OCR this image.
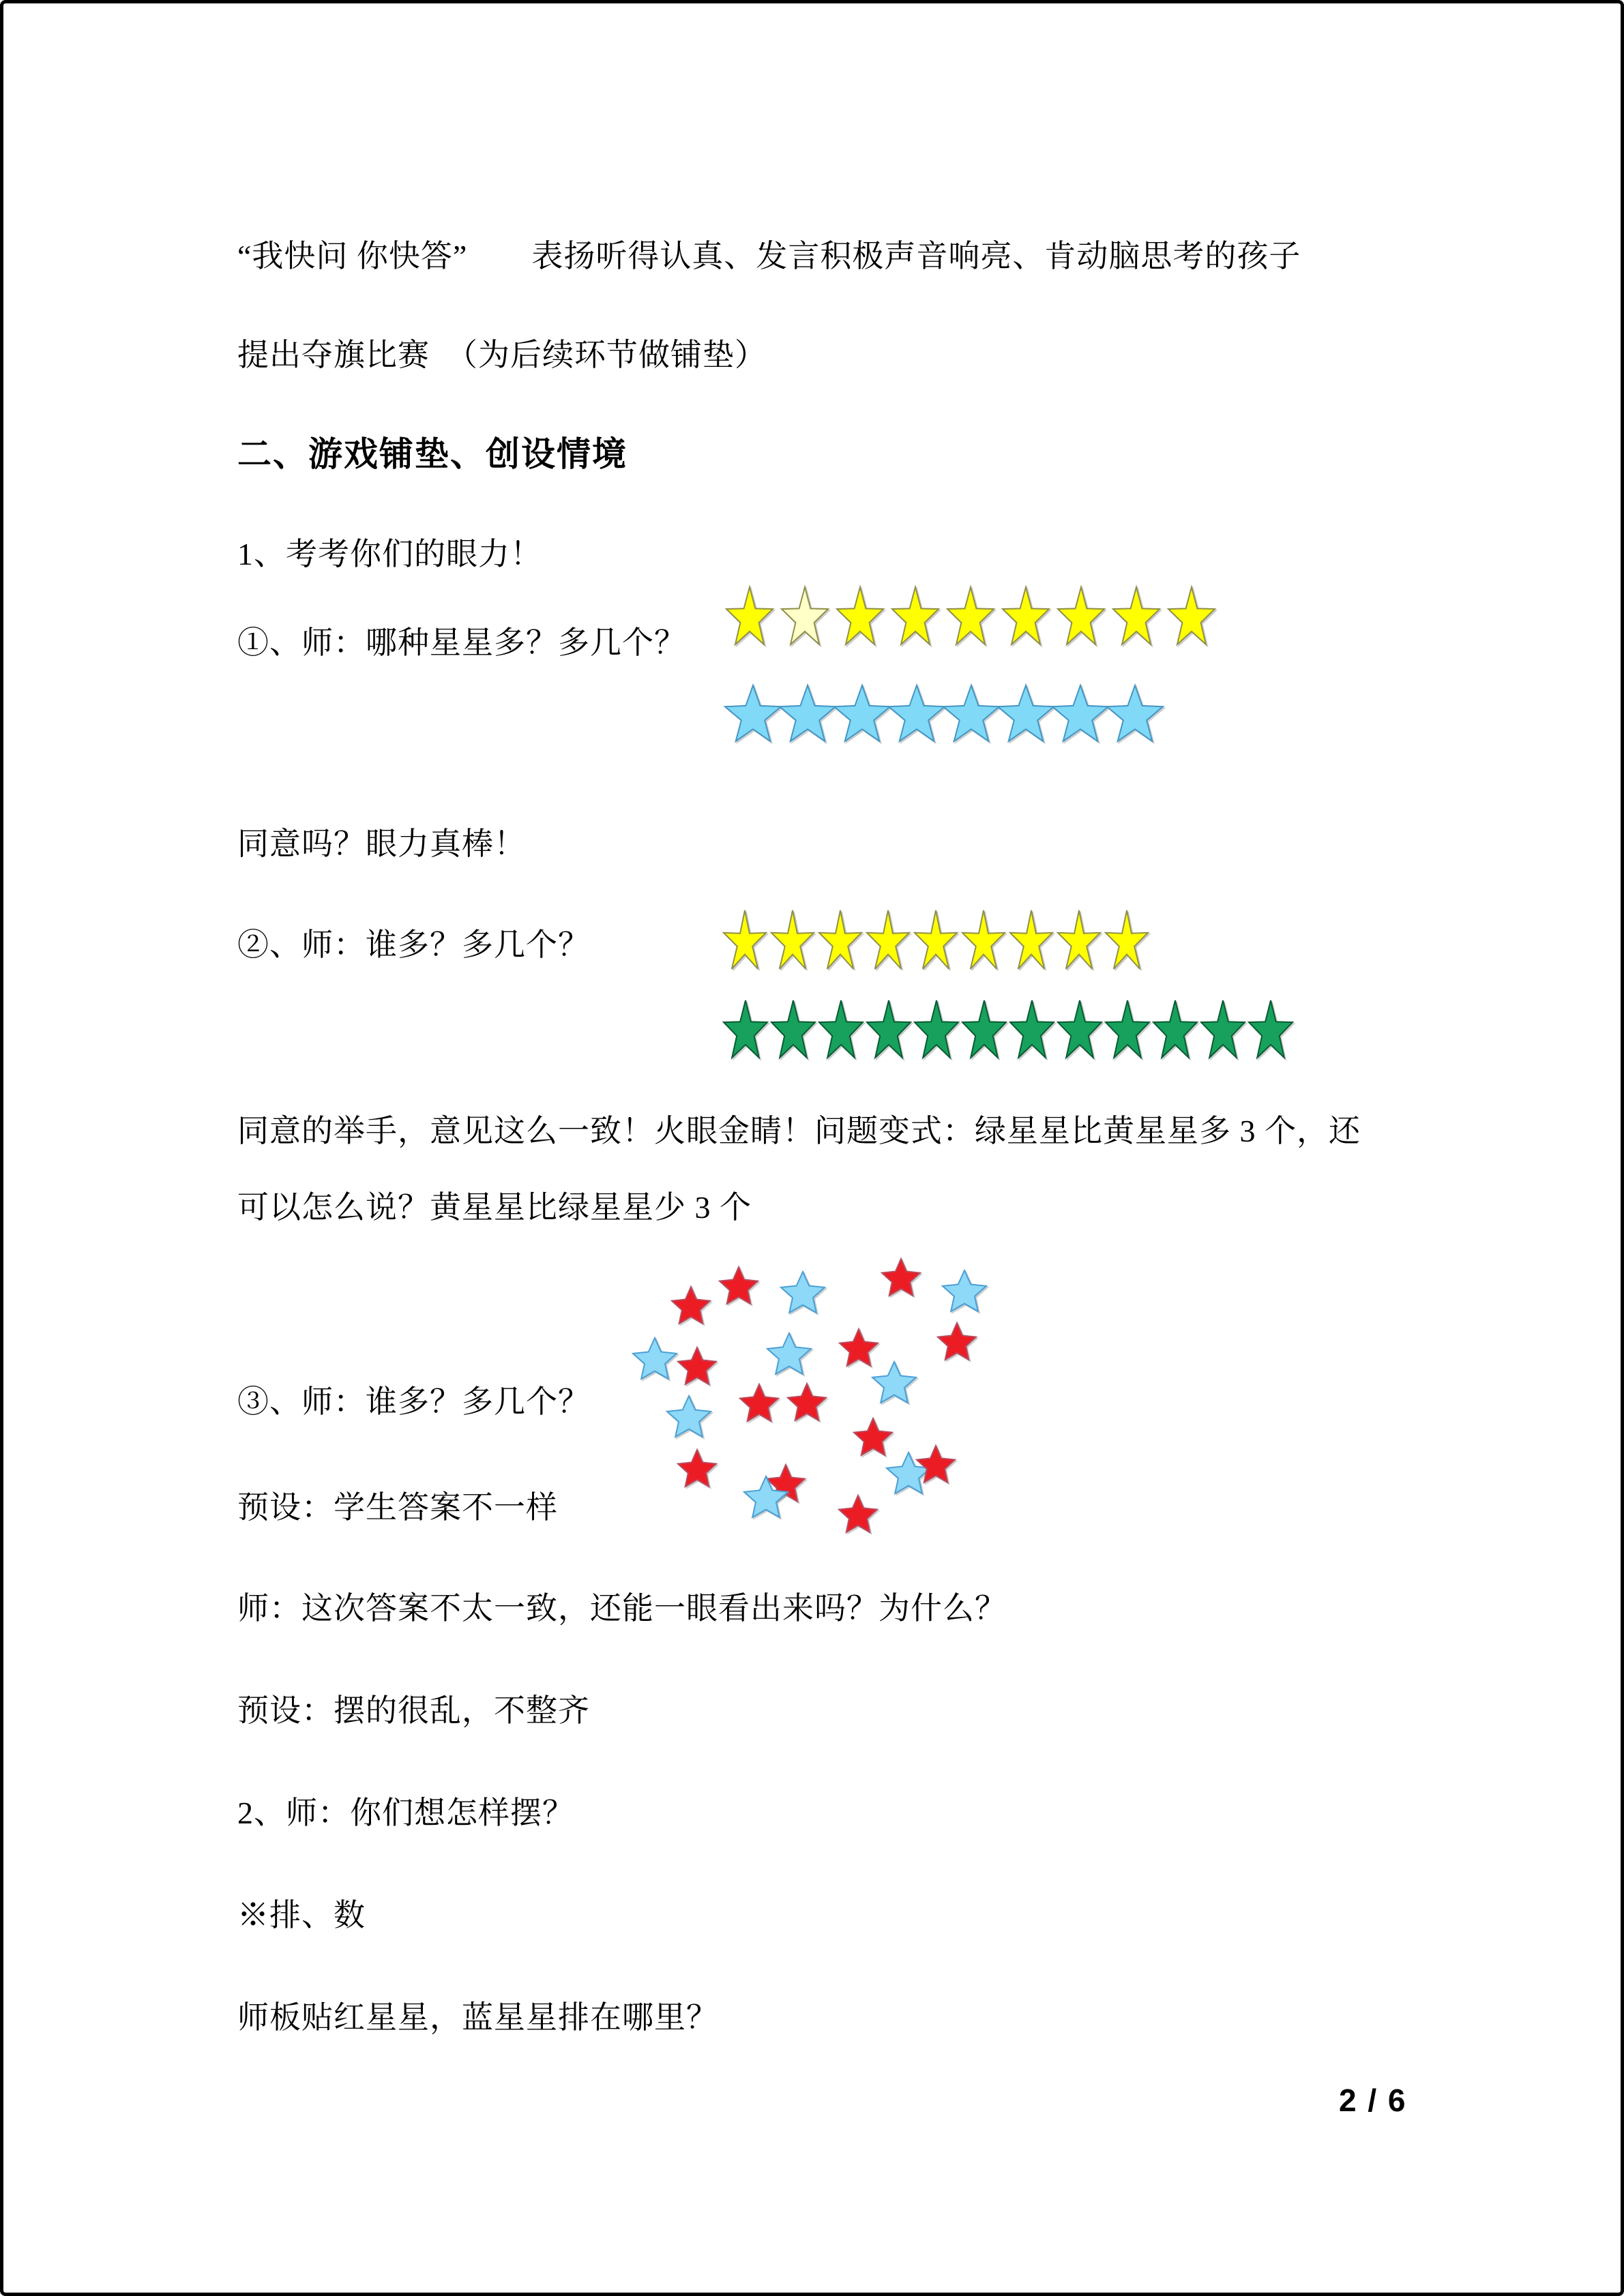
“我快问 你快答”　　表扬听得认真、发言积极声音响亮、肯动脑思考的孩子
提出夺旗比赛　（为后续环节做铺垫）
二、游戏铺垫、创设情境
1、考考你们的眼力！
①、师：哪种星星多？多几个？
同意吗？眼力真棒！
②、师：谁多？多几个？
同意的举手，意见这么一致！火眼金睛！问题变式：绿星星比黄星星多 3 个，还
可以怎么说？黄星星比绿星星少 3 个
③、师：谁多？多几个？
预设：学生答案不一样
师：这次答案不太一致，还能一眼看出来吗？为什么？
预设：摆的很乱，不整齐
2、师：你们想怎样摆？
※排、数
师板贴红星星，蓝星星排在哪里？
2 / 6
